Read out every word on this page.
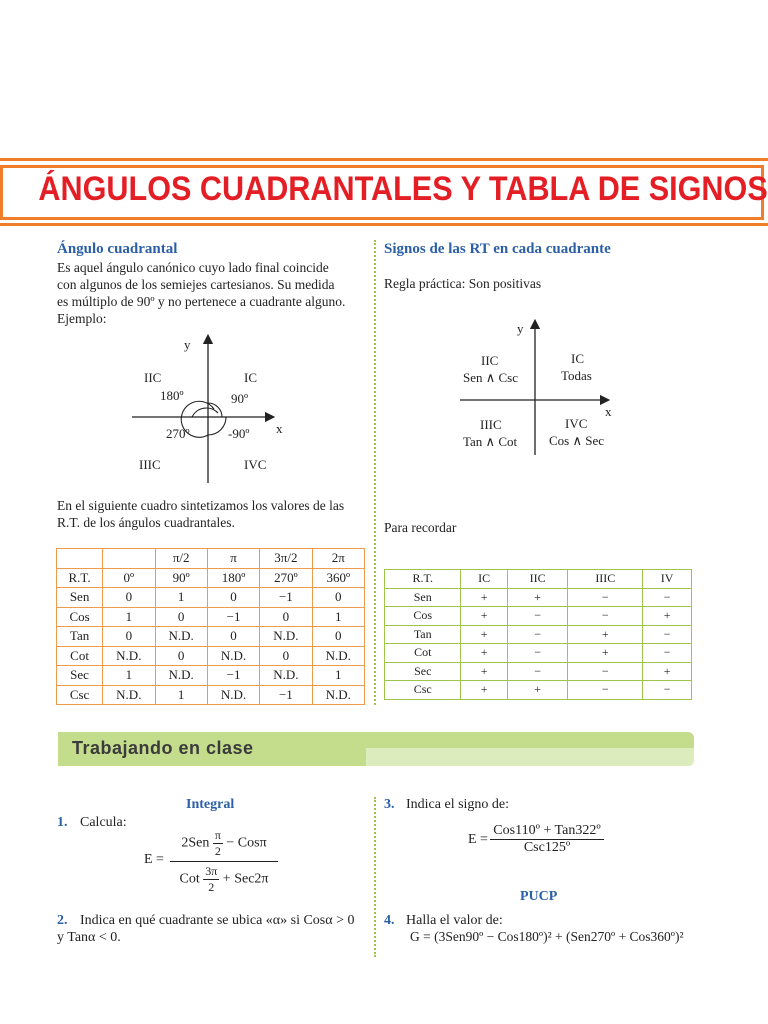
ÁNGULOS CUADRANTALES Y TABLA DE SIGNOS
Ángulo cuadrantal
Es aquel ángulo canónico cuyo lado final coincide
con algunos de los semiejes cartesianos. Su medida
es múltiplo de 90º y no pertenece a cuadrante alguno.
Ejemplo:
y
x
IIC	IC
180º	90º
270º	-90º
IIIC	IVC
En el siguiente cuadro sintetizamos los valores de las
R.T. de los ángulos cuadrantales.
		π/2	π	3π/2	2π
R.T.	0º	90º	180º	270º	360º
Sen	0	1	0	−1	0
Cos	1	0	−1	0	1
Tan	0	N.D.	0	N.D.	0
Cot	N.D.	0	N.D.	0	N.D.
Sec	1	N.D.	−1	N.D.	1
Csc	N.D.	1	N.D.	−1	N.D.
Signos de las RT en cada cuadrante
Regla práctica: Son positivas
y
x
IIC
Sen ∧ Csc
IC
Todas
IIIC
Tan ∧ Cot
IVC
Cos ∧ Sec
Para recordar
R.T.	IC	IIC	IIIC	IV
Sen	+	+	−	−
Cos	+	−	−	+
Tan	+	−	+	−
Cot	+	−	+	−
Sec	+	−	−	+
Csc	+	+	−	−
Trabajando en clase
Integral
1. Calcula:
E =
$2Sen \frac{\pi}{2} - Cos\pi$
Cot $\frac{3\pi}{2} + Sec2\pi$
2. Indica en qué cuadrante se ubica «α» si Cosα > 0
y Tanα < 0.
3. Indica el signo de:
E =
Cos110º + Tan322º
Csc125º
PUCP
4. Halla el valor de:
G = (3Sen90º − Cos180º)² + (Sen270º + Cos360º)²
